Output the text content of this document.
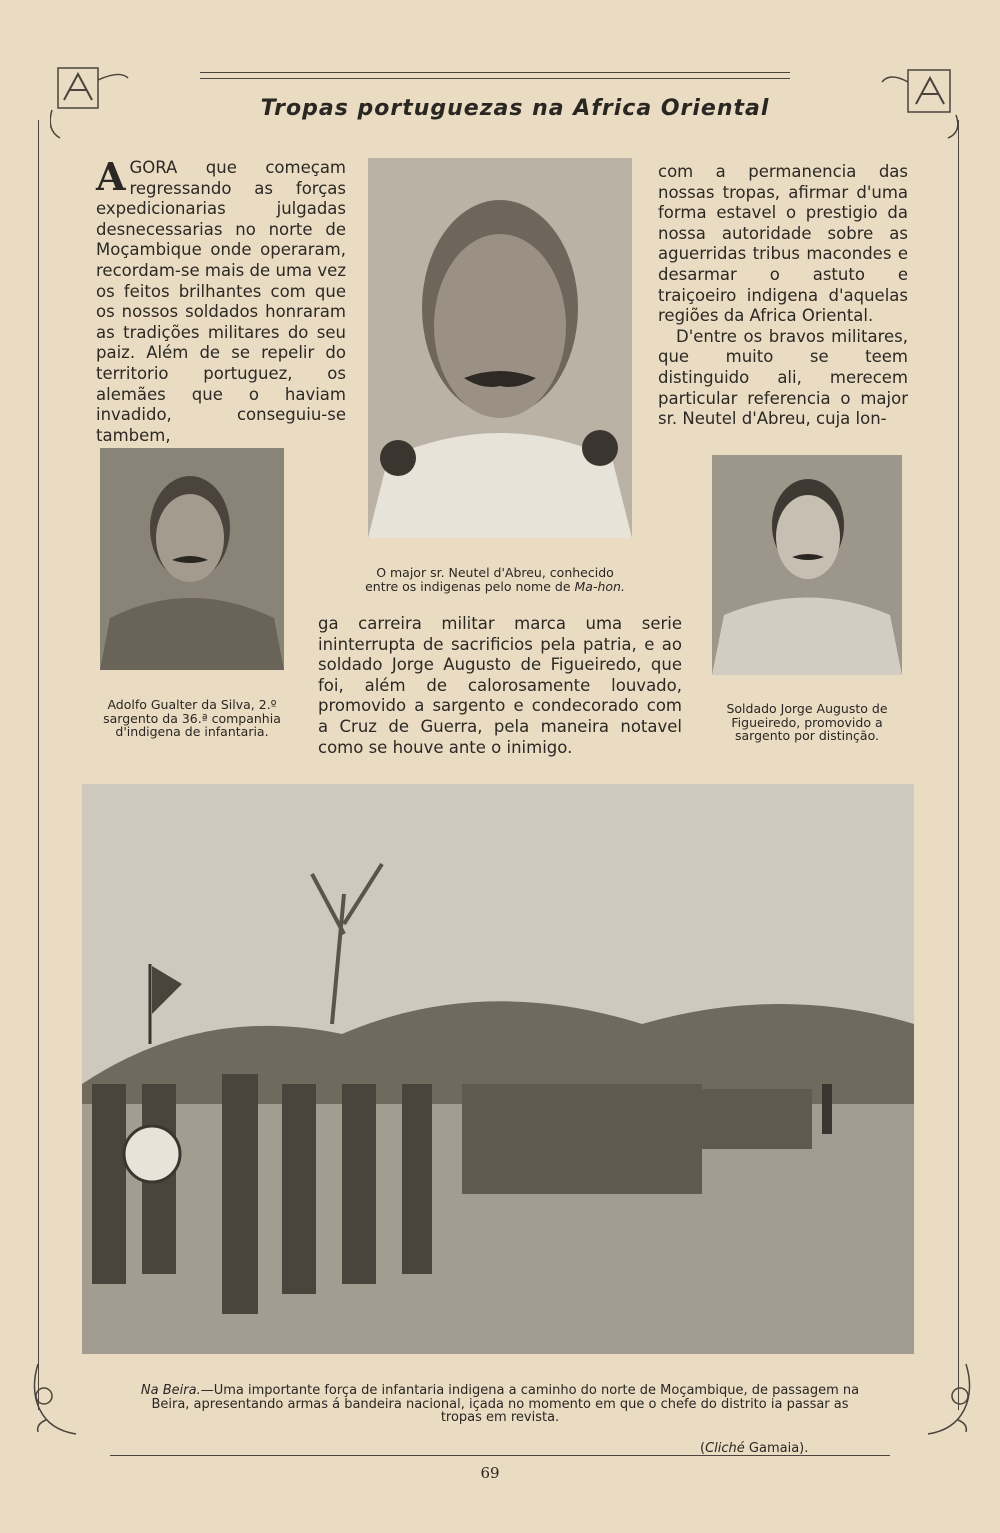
Tropas portuguezas na Africa Oriental
A GORA que começam regressando as forças expedicionarias julgadas desnecessarias no norte de Moçambique onde operaram, recordam-se mais de uma vez os feitos brilhantes com que os nossos soldados honraram as tradições militares do seu paiz. Além de se repelir do territorio portuguez, os alemães que o haviam invadido, conseguiu-se tambem,

com a permanencia das nossas tropas, afirmar d'uma forma estavel o prestigio da nossa autoridade sobre as aguerridas tribus macondes e desarmar o astuto e traiçoeiro indigena d'aquelas regiões da Africa Oriental.

D'entre os bravos militares, que muito se teem distinguido ali, merecem particular referencia o major sr. Neutel d'Abreu, cuja lon-

O major sr. Neutel d'Abreu, conhecido entre os indigenas pelo nome de Ma-hon.
Adolfo Gualter da Silva, 2.º sargento da 36.ª companhia d'indigena de infantaria.
Soldado Jorge Augusto de Figueiredo, promovido a sargento por distinção.

ga carreira militar marca uma serie ininterrupta de sacrificios pela patria, e ao soldado Jorge Augusto de Figueiredo, que foi, além de calorosamente louvado, promovido a sargento e condecorado com a Cruz de Guerra, pela maneira notavel como se houve ante o inimigo.

Na Beira.—Uma importante força de infantaria indigena a caminho do norte de Moçambique, de passagem na Beira, apresentando armas á bandeira nacional, içada no momento em que o chefe do distrito ia passar as tropas em revista.
(Cliché Gamaia).
69
